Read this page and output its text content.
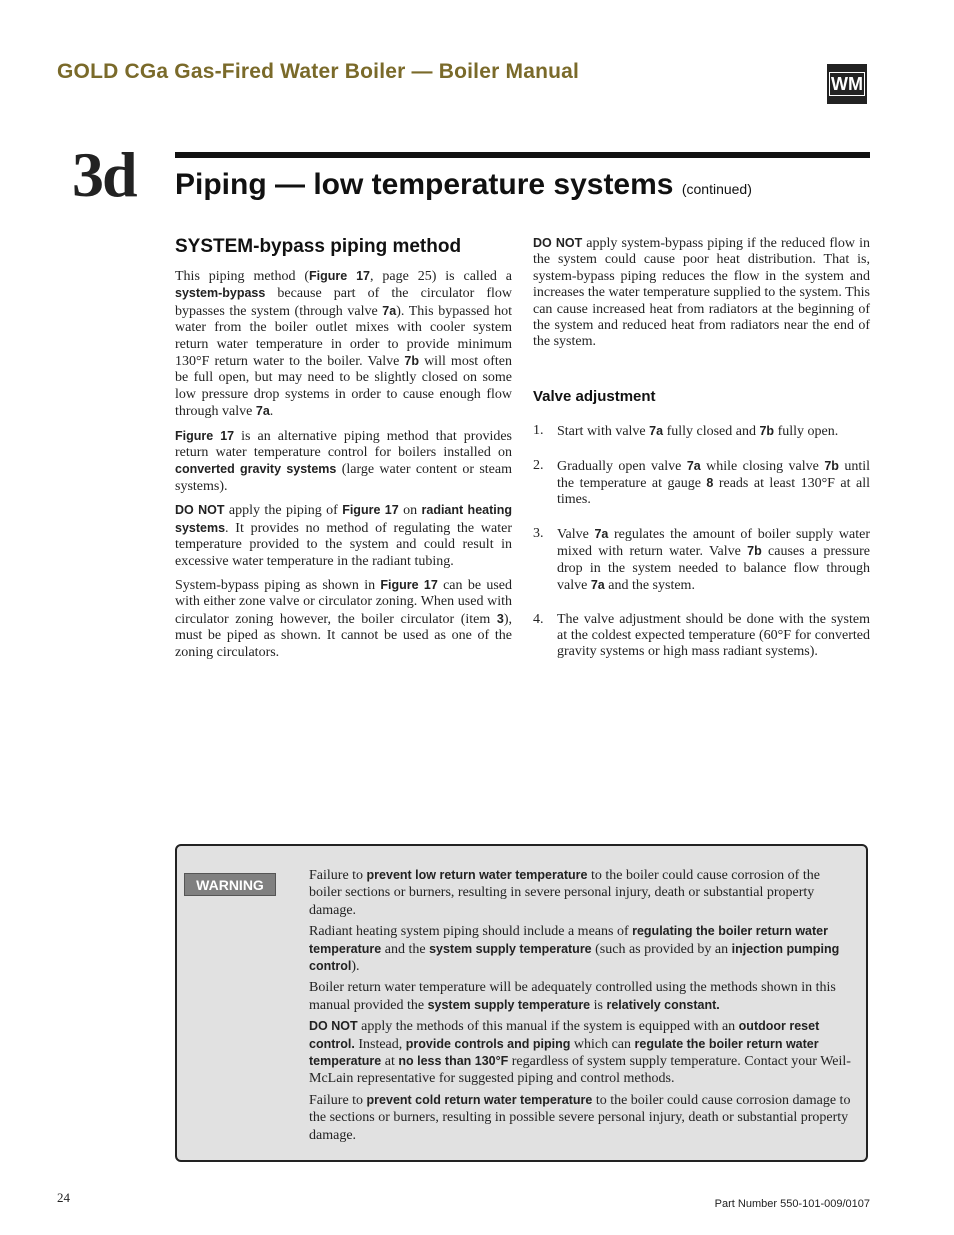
GOLD CGa Gas-Fired Water Boiler — Boiler Manual
WM
3d Piping — low temperature systems (continued)
SYSTEM-bypass piping method

This piping method (Figure 17, page 25) is called a system-bypass because part of the circulator flow bypasses the system (through valve 7a). This bypassed hot water from the boiler outlet mixes with cooler system return water temperature in order to provide minimum 130°F return water to the boiler. Valve 7b will most often be full open, but may need to be slightly closed on some low pressure drop systems in order to cause enough flow through valve 7a.

Figure 17 is an alternative piping method that provides return water temperature control for boilers installed on converted gravity systems (large water content or steam systems).

DO NOT apply the piping of Figure 17 on radiant heating systems. It provides no method of regulating the water temperature provided to the system and could result in excessive water temperature in the radiant tubing.

System-bypass piping as shown in Figure 17 can be used with either zone valve or circulator zoning. When used with circulator zoning however, the boiler circulator (item 3), must be piped as shown. It cannot be used as one of the zoning circulators.

DO NOT apply system-bypass piping if the reduced flow in the system could cause poor heat distribution. That is, system-bypass piping reduces the flow in the system and increases the water temperature supplied to the system. This can cause increased heat from radiators at the beginning of the system and reduced heat from radiators near the end of the system.

Valve adjustment
1. Start with valve 7a fully closed and 7b fully open.
2. Gradually open valve 7a while closing valve 7b until the temperature at gauge 8 reads at least 130°F at all times.
3. Valve 7a regulates the amount of boiler supply water mixed with return water. Valve 7b causes a pressure drop in the system needed to balance flow through valve 7a and the system.
4. The valve adjustment should be done with the system at the coldest expected temperature (60°F for converted gravity systems or high mass radiant systems).
WARNING

Failure to prevent low return water temperature to the boiler could cause corrosion of the boiler sections or burners, resulting in severe personal injury, death or substantial property damage.

Radiant heating system piping should include a means of regulating the boiler return water temperature and the system supply temperature (such as provided by an injection pumping control).

Boiler return water temperature will be adequately controlled using the methods shown in this manual provided the system supply temperature is relatively constant.

DO NOT apply the methods of this manual if the system is equipped with an outdoor reset control. Instead, provide controls and piping which can regulate the boiler return water temperature at no less than 130°F regardless of system supply temperature. Contact your Weil-McLain representative for suggested piping and control methods.

Failure to prevent cold return water temperature to the boiler could cause corrosion damage to the sections or burners, resulting in possible severe personal injury, death or substantial property damage.

24	Part Number 550-101-009/0107
